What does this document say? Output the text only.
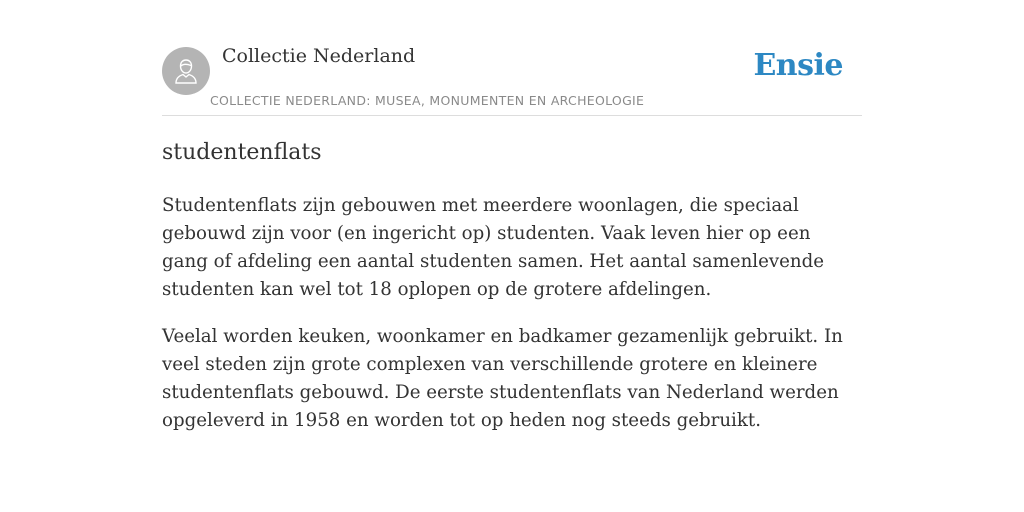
Collectie Nederland
COLLECTIE NEDERLAND: MUSEA, MONUMENTEN EN ARCHEOLOGIE
Ensie
studentenflats

Studentenflats zijn gebouwen met meerdere woonlagen, die speciaal gebouwd zijn voor (en ingericht op) studenten. Vaak leven hier op een gang of afdeling een aantal studenten samen. Het aantal samenlevende studenten kan wel tot 18 oplopen op de grotere afdelingen.

Veelal worden keuken, woonkamer en badkamer gezamenlijk gebruikt. In veel steden zijn grote complexen van verschillende grotere en kleinere studentenflats gebouwd. De eerste studentenflats van Nederland werden opgeleverd in 1958 en worden tot op heden nog steeds gebruikt.
